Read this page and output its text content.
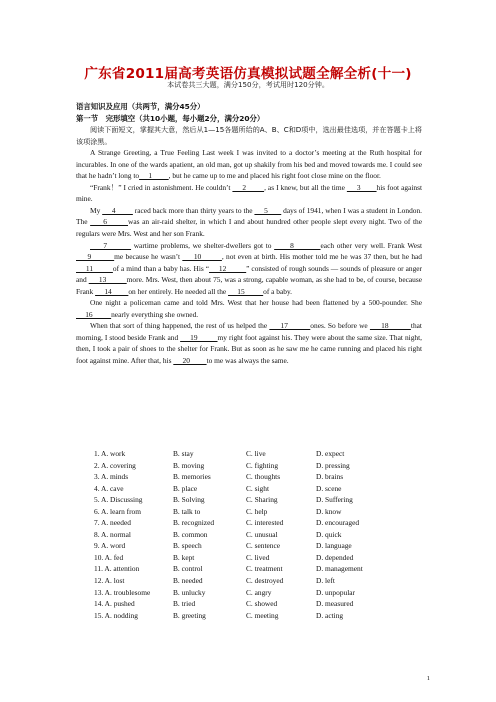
广东省2011届高考英语仿真模拟试题全解全析(十一)
本试卷共三大题，满分150分，考试用时120分钟。
语言知识及应用（共两节，满分45分）
第一节　完形填空（共10小题，每小题2分，满分20分）

阅读下面短文，掌握其大意，然后从1—15各题所给的A、B、C和D项中，选出最佳选项，并在答题卡上将该项涂黑。

A Strange Greeting, a True Feeling Last week I was invited to a doctor’s meeting at the Ruth hospital for incurables. In one of the wards apatient, an old man, got up shakily from his bed and moved towards me. I could see that he hadn’t long to     1         , but he came up to me and placed his right foot close mine on the floor.

“Frank！” I cried in astonishment. He couldn’t      2         , as I knew, but all the time      3        his foot against mine.

My      4          raced back more than thirty years to the      5        days of 1941, when I was a student in London. The      6        was an air-raid shelter, in which I and about hundred other people slept every night. Two of the regulars were Mrs. West and her son Frank.

7          wartime problems, we shelter-dwellers got to       8          each other very well. Frank West      9          me because he wasn’t      10         , not even at birth. His mother told me he was 37 then, but he had      11          of a mind than a baby has. His “     12          ” consisted of rough sounds — sounds of pleasure or anger and      13          more. Mrs. West, then about 75, was a strong, capable woman, as she had to be, of course, because Frank      14         on her entirely. He needed all the      15          of a baby.

One night a policeman came and told Mrs. West that her house had been flattened by a 500-pounder. She      16          nearly everything she owned.

When that sort of thing happened, the rest of us helped the      17          ones. So before we      18          that morning, I stood beside Frank and      19          my right foot against his. They were about the same size. That night, then, I took a pair of shoes to the shelter for Frank. But as soon as he saw me he came running and placed his right foot against mine. After that, his      20         to me was always the same.

1. A. work	B. stay	C. live	D. expect
2. A. covering	B. moving	C. fighting	D. pressing
3. A. minds	B. memories	C. thoughts	D. brains
4. A. cave	B. place	C. sight	D. scene
5. A. Discussing	B. Solving	C. Sharing	D. Suffering
6. A. learn from	B. talk to	C. help	D. know
7. A. needed	B. recognized	C. interested	D. encouraged
8. A. normal	B. common	C. unusual	D. quick
9. A. word	B. speech	C. sentence	D. language
10. A. fed	B. kept	C. lived	D. depended
11. A. attention	B. control	C. treatment	D. management
12. A. lost	B. needed	C. destroyed	D. left
13. A. troublesome	B. unlucky	C. angry	D. unpopular
14. A. pushed	B. tried	C. showed	D. measured
15. A. nodding	B. greeting	C. meeting	D. acting
1
